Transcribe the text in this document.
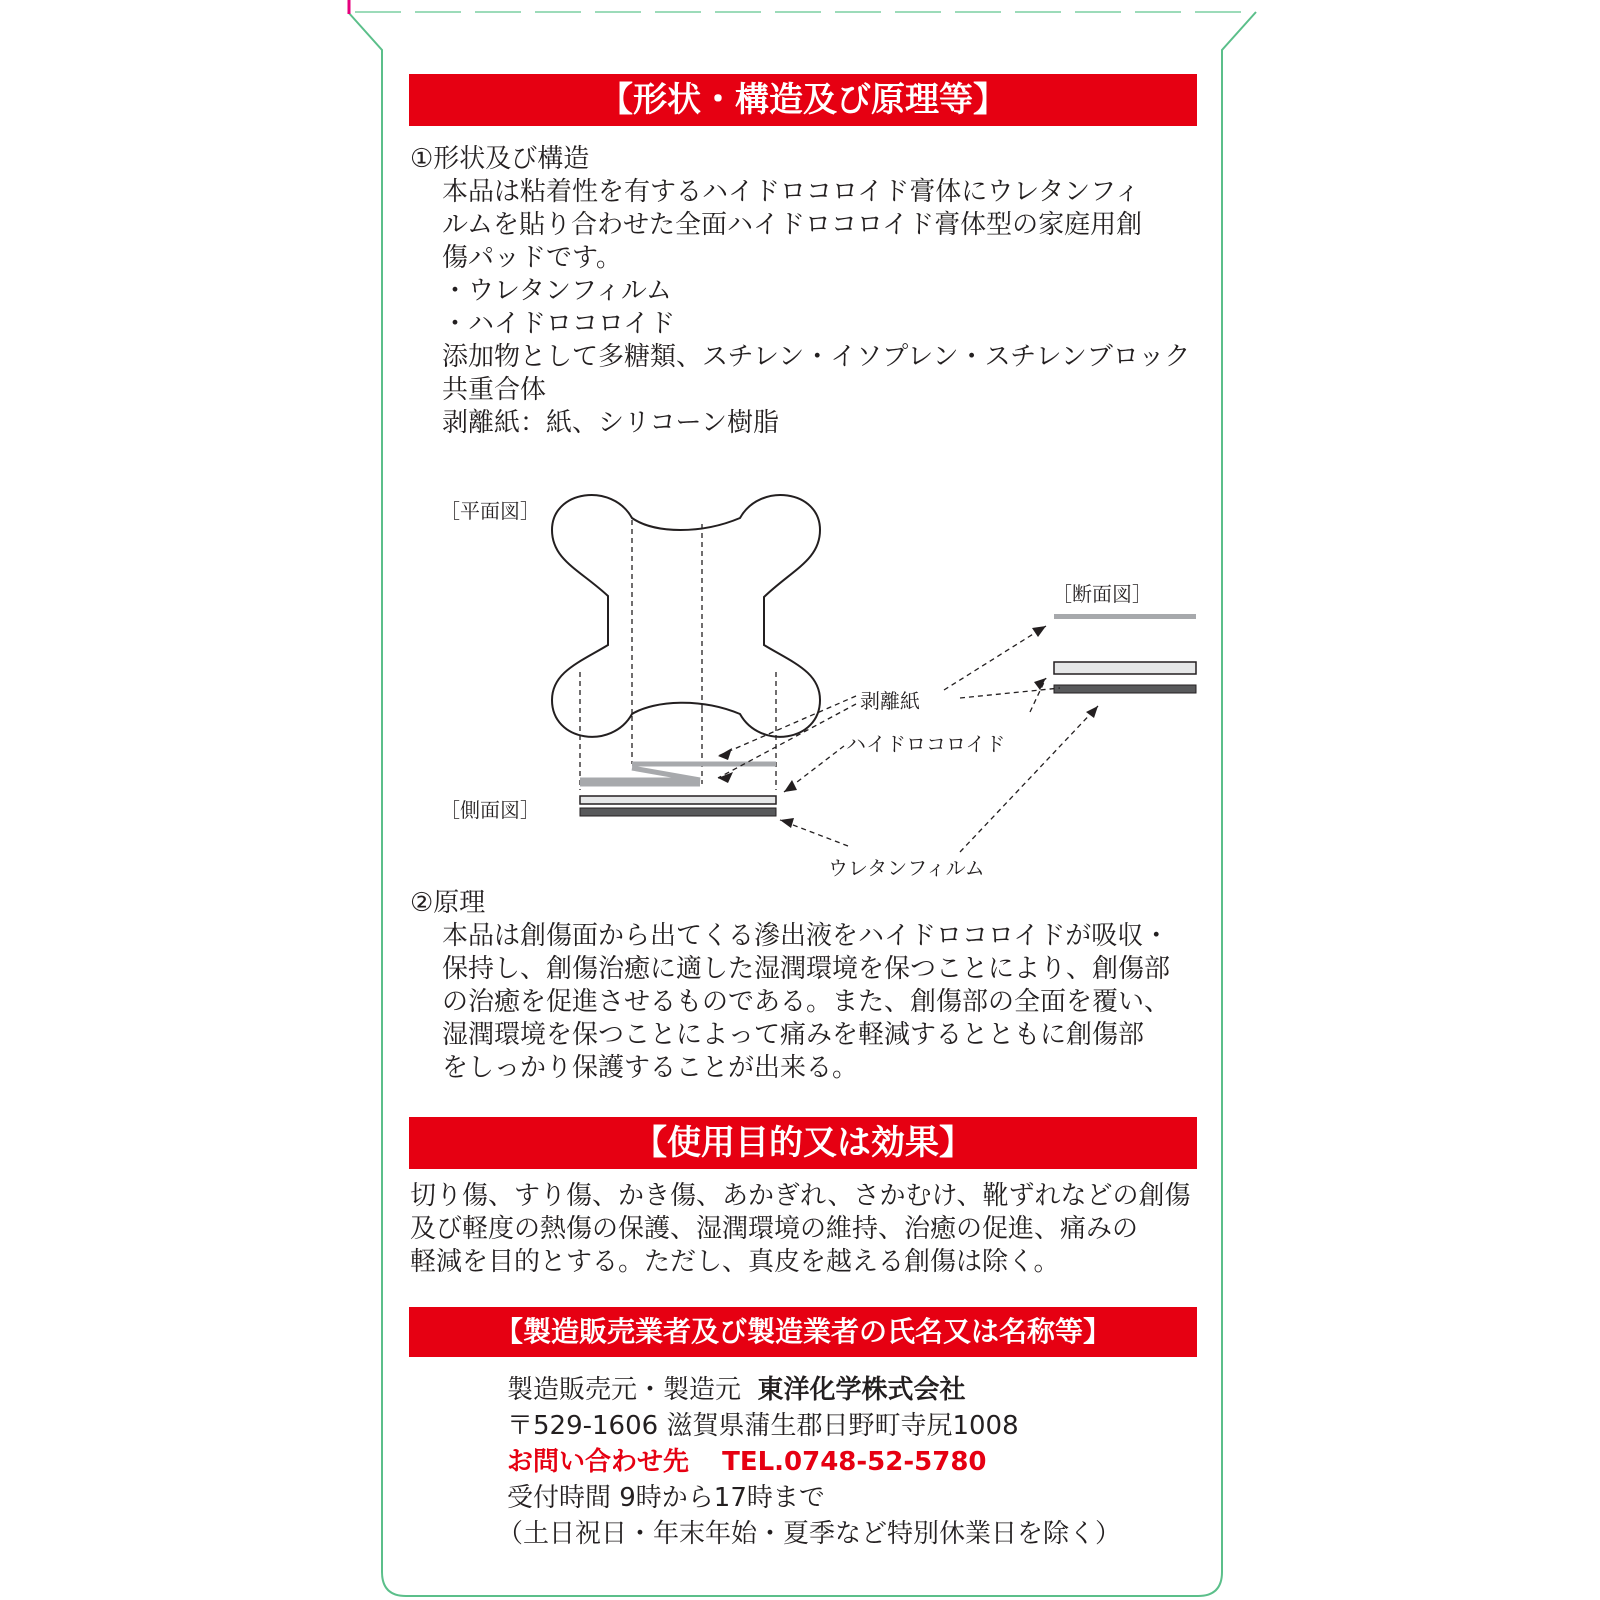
【形状・構造及び原理等】
【使用目的又は効果】
【製造販売業者及び製造業者の氏名又は名称等】
①形状及び構造
本品は粘着性を有するハイドロコロイド膏体にウレタンフィ
ルムを貼り合わせた全面ハイドロコロイド膏体型の家庭用創
傷パッドです。
・ウレタンフィルム
・ハイドロコロイド
添加物として多糖類、スチレン・イソプレン・スチレンブロック
共重合体
剥離紙：紙、シリコーン樹脂
［平面図］
［断面図］
［側面図］
剥離紙
ハイドロコロイド
ウレタンフィルム
②原理
本品は創傷面から出てくる滲出液をハイドロコロイドが吸収・
保持し、創傷治癒に適した湿潤環境を保つことにより、創傷部
の治癒を促進させるものである。また、創傷部の全面を覆い、
湿潤環境を保つことによって痛みを軽減するとともに創傷部
をしっかり保護することが出来る。
切り傷、すり傷、かき傷、あかぎれ、さかむけ、靴ずれなどの創傷
及び軽度の熱傷の保護、湿潤環境の維持、治癒の促進、痛みの
軽減を目的とする。ただし、真皮を越える創傷は除く。
製造販売元・製造元 東洋化学株式会社
〒529-1606 滋賀県蒲生郡日野町寺尻1008
お問い合わせ先 TEL.0748-52-5780
受付時間 9時から17時まで
（土日祝日・年末年始・夏季など特別休業日を除く）
